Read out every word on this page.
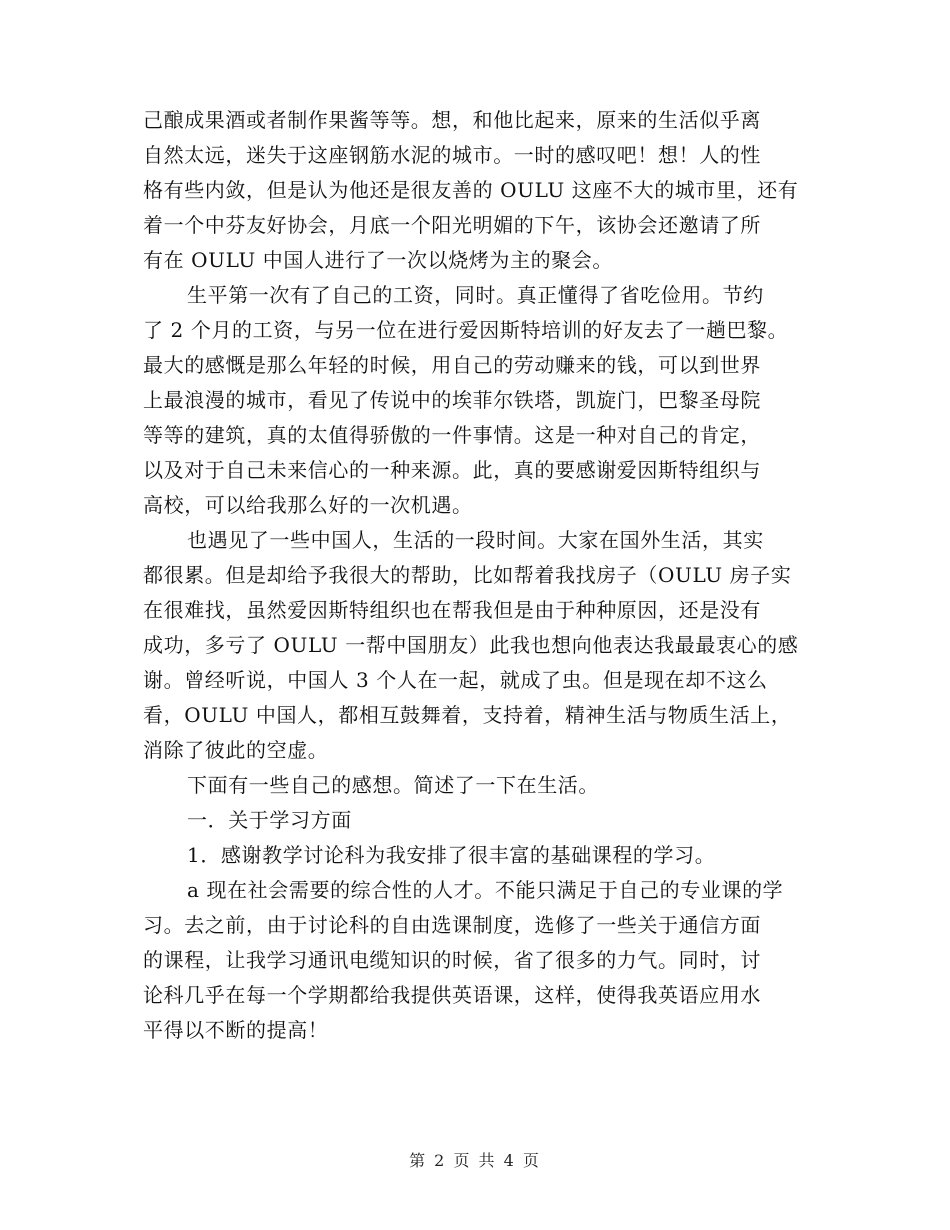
己酿成果酒或者制作果酱等等。想，和他比起来，原来的生活似乎离
自然太远，迷失于这座钢筋水泥的城市。一时的感叹吧！想！人的性
格有些内敛，但是认为他还是很友善的 OULU 这座不大的城市里，还有
着一个中芬友好协会，月底一个阳光明媚的下午，该协会还邀请了所
有在 OULU 中国人进行了一次以烧烤为主的聚会。
生平第一次有了自己的工资，同时。真正懂得了省吃俭用。节约
了 2 个月的工资，与另一位在进行爱因斯特培训的好友去了一趟巴黎。
最大的感慨是那么年轻的时候，用自己的劳动赚来的钱，可以到世界
上最浪漫的城市，看见了传说中的埃菲尔铁塔，凯旋门，巴黎圣母院
等等的建筑，真的太值得骄傲的一件事情。这是一种对自己的肯定，
以及对于自己未来信心的一种来源。此，真的要感谢爱因斯特组织与
高校，可以给我那么好的一次机遇。
也遇见了一些中国人，生活的一段时间。大家在国外生活，其实
都很累。但是却给予我很大的帮助，比如帮着我找房子（OULU 房子实
在很难找，虽然爱因斯特组织也在帮我但是由于种种原因，还是没有
成功，多亏了 OULU 一帮中国朋友）此我也想向他表达我最最衷心的感
谢。曾经听说，中国人 3 个人在一起，就成了虫。但是现在却不这么
看，OULU 中国人，都相互鼓舞着，支持着，精神生活与物质生活上，
消除了彼此的空虚。
下面有一些自己的感想。简述了一下在生活。
一．关于学习方面
1．感谢教学讨论科为我安排了很丰富的基础课程的学习。
a 现在社会需要的综合性的人才。不能只满足于自己的专业课的学
习。去之前，由于讨论科的自由选课制度，选修了一些关于通信方面
的课程，让我学习通讯电缆知识的时候，省了很多的力气。同时，讨
论科几乎在每一个学期都给我提供英语课，这样，使得我英语应用水
平得以不断的提高！
第 2 页 共 4 页
